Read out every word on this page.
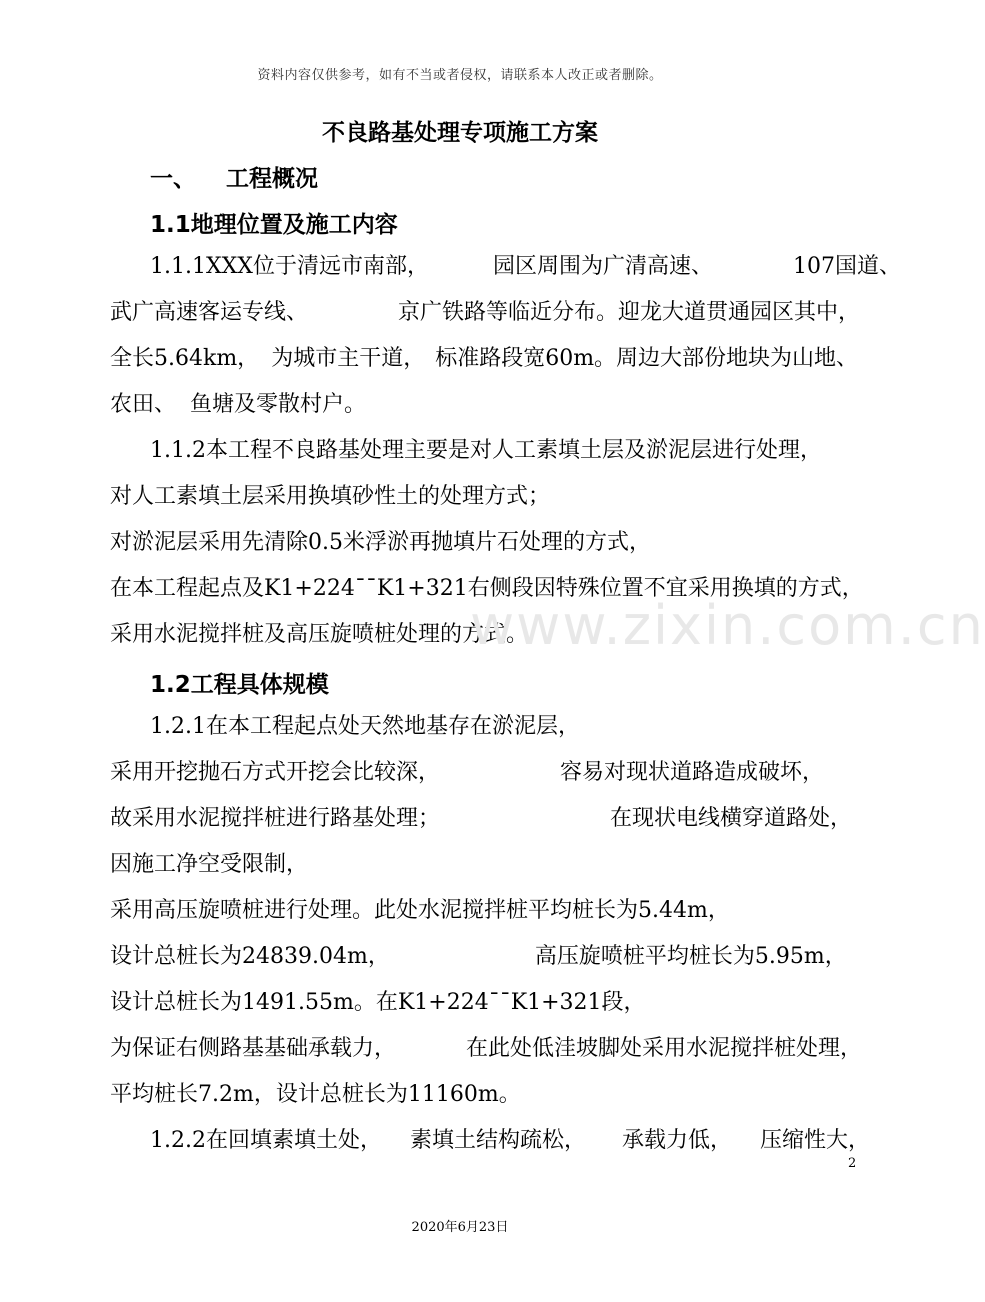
资料内容仅供参考，如有不当或者侵权，请联系本人改正或者删除。
不良路基处理专项施工方案
一、 工程概况
1.1地理位置及施工内容
1.1.1XXX位于清远市南部，	园区周围为广清高速、	107国道、
武广高速客运专线、	京广铁路等临近分布。迎龙大道贯通园区其中，
全长5.64km， 为城市主干道， 标准路段宽60m。周边大部份地块为山地、
农田、 鱼塘及零散村户。
1.1.2本工程不良路基处理主要是对人工素填土层及淤泥层进行处理，
对人工素填土层采用换填砂性土的处理方式；
对淤泥层采用先清除0.5米浮淤再抛填片石处理的方式，
在本工程起点及K1+224¯¯K1+321右侧段因特殊位置不宜采用换填的方式，
采用水泥搅拌桩及高压旋喷桩处理的方式。
www.zixin.com.cn
1.2工程具体规模
1.2.1在本工程起点处天然地基存在淤泥层，
采用开挖抛石方式开挖会比较深，	容易对现状道路造成破坏，
故采用水泥搅拌桩进行路基处理；	在现状电线横穿道路处，
因施工净空受限制，
采用高压旋喷桩进行处理。此处水泥搅拌桩平均桩长为5.44m，
设计总桩长为24839.04m，	高压旋喷桩平均桩长为5.95m，
设计总桩长为1491.55m。在K1+224¯¯K1+321段，
为保证右侧路基基础承载力，	在此处低洼坡脚处采用水泥搅拌桩处理，
平均桩长7.2m，设计总桩长为11160m。
1.2.2在回填素填土处， 素填土结构疏松， 承载力低， 压缩性大，
2
2020年6月23日
